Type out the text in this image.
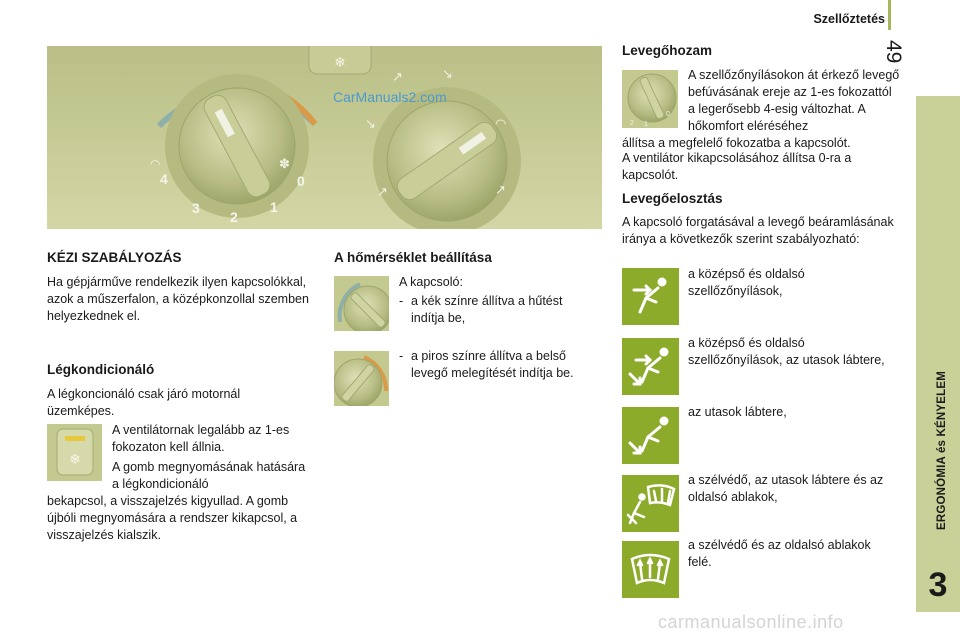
Szellőztetés
49
ERGONÓMIA és KÉNYELEM
3
❄
↗	↘
↘	◠
↗	↗
◠	✽
4
3
2
1
0
CarManuals2.com
KÉZI SZABÁLYOZÁS
Ha gépjárműve rendelkezik ilyen kapcsolókkal, azok a műszerfalon, a középkonzollal szemben helyezkednek el.
Légkondicionáló
A légkoncionáló csak járó motornál üzemképes.
❄
A ventilátornak legalább az 1-es fokozaton kell állnia.
A gomb megnyomásának hatására a légkondicionáló
bekapcsol, a visszajelzés kigyullad. A gomb újbóli megnyomására a rendszer kikapcsol, a visszajelzés kialszik.
A hőmérséklet beállítása
A kapcsoló:
- a kék színre állítva a hűtést indítja be,
- a piros színre állítva a belső levegő melegítését indítja be.
Levegőhozam
2 1
0
A szellőzőnyílásokon át érkező levegő befúvásának ereje az 1-es fokozattól a legerősebb 4-esig változhat. A hőkomfort eléréséhez
állítsa a megfelelő fokozatba a kapcsolót.
A ventilátor kikapcsolásához állítsa 0-ra a kapcsolót.
Levegőelosztás
A kapcsoló forgatásával a levegő beáramlásának iránya a következők szerint szabályozható:
a középső és oldalsó szellőzőnyílások,
a középső és oldalsó szellőzőnyílások, az utasok lábtere,
az utasok lábtere,
a szélvédő, az utasok lábtere és az oldalsó ablakok,
a szélvédő és az oldalsó ablakok felé.
carmanualsonline.info
